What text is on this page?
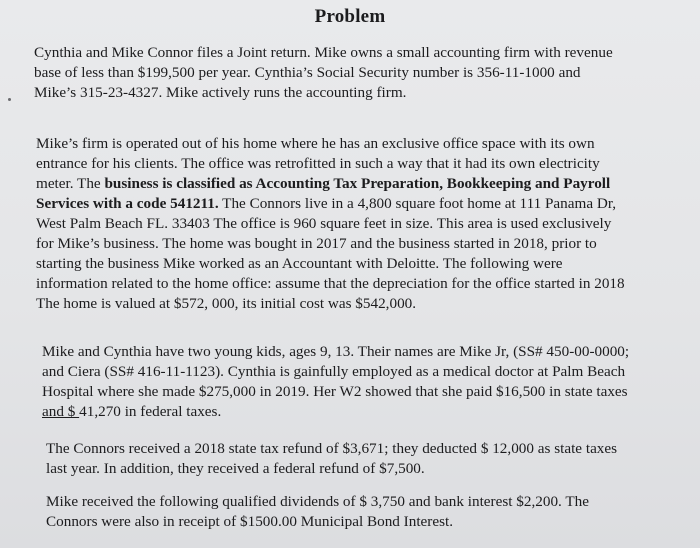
Problem

Cynthia and Mike Connor files a Joint return. Mike owns a small accounting firm with revenue
base of less than $199,500 per year. Cynthia’s Social Security number is 356-11-1000 and
Mike’s 315-23-4327. Mike actively runs the accounting firm.

Mike’s firm is operated out of his home where he has an exclusive office space with its own
entrance for his clients. The office was retrofitted in such a way that it had its own electricity
meter. The business is classified as Accounting Tax Preparation, Bookkeeping and Payroll
Services with a code 541211. The Connors live in a 4,800 square foot home at 111 Panama Dr,
West Palm Beach FL. 33403 The office is 960 square feet in size. This area is used exclusively
for Mike’s business. The home was bought in 2017 and the business started in 2018, prior to
starting the business Mike worked as an Accountant with Deloitte. The following were
information related to the home office: assume that the depreciation for the office started in 2018
The home is valued at $572, 000, its initial cost was $542,000.

Mike and Cynthia have two young kids, ages 9, 13. Their names are Mike Jr, (SS# 450-00-0000;
and Ciera (SS# 416-11-1123). Cynthia is gainfully employed as a medical doctor at Palm Beach
Hospital where she made $275,000 in 2019. Her W2 showed that she paid $16,500 in state taxes
and $ 41,270 in federal taxes.

The Connors received a 2018 state tax refund of $3,671; they deducted $ 12,000 as state taxes
last year. In addition, they received a federal refund of $7,500.

Mike received the following qualified dividends of $ 3,750 and bank interest $2,200. The
Connors were also in receipt of $1500.00 Municipal Bond Interest.
